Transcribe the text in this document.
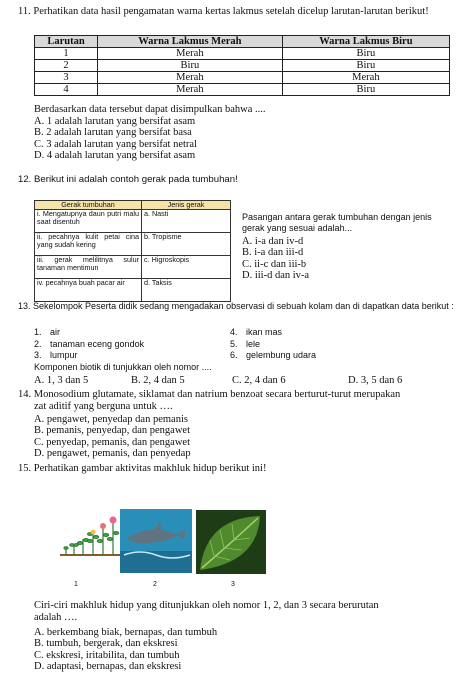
11. Perhatikan data hasil pengamatan warna kertas lakmus setelah dicelup larutan-larutan berikut!
Larutan	Warna Lakmus Merah	Warna Lakmus Biru
1	Merah	Biru
2	Biru	Biru
3	Merah	Merah
4	Merah	Biru
Berdasarkan data tersebut dapat disimpulkan bahwa ....
A. 1 adalah larutan yang bersifat asam
B. 2 adalah larutan yang bersifat basa
C. 3 adalah larutan yang bersifat netral
D. 4 adalah larutan yang bersifat asam
12. Berikut ini adalah contoh gerak pada tumbuhan!
Gerak tumbuhan	Jenis gerak
i. Mengatupnya daun putri malu saat disentuh	a. Nasti
ii. pecahnya kulit petai cina yang sudah kering	b. Tropisme
iii. gerak melilitnya sulur tanaman mentimun	c. Higroskopis
iv. pecahnya buah pacar air	d. Taksis
Pasangan antara gerak tumbuhan dengan jenis
gerak yang sesuai adalah...
A. i-a dan iv-d
B. i-a dan iii-d
C. ii-c dan iii-b
D. iii-d dan iv-a
13. Sekelompok Peserta didik sedang mengadakan observasi di sebuah kolam dan di dapatkan data berikut :
1. air	4. ikan mas
2. tanaman eceng gondok	5. lele
3. lumpur	6. gelembung udara
Komponen biotik di tunjukkan oleh nomor ....
A. 1, 3 dan 5	B. 2, 4 dan 5	C. 2, 4 dan 6	D. 3, 5 dan 6
14. Monosodium glutamate, siklamat dan natrium benzoat secara berturut-turut merupakan
zat aditif yang berguna untuk ….
A. pengawet, penyedap dan pemanis
B. pemanis, penyedap, dan pengawet
C. penyedap, pemanis, dan pengawet
D. pengawet, pemanis, dan penyedap
15. Perhatikan gambar aktivitas makhluk hidup berikut ini!
1	2	3
Ciri-ciri makhluk hidup yang ditunjukkan oleh nomor 1, 2, dan 3 secara berurutan
adalah ….
A. berkembang biak, bernapas, dan tumbuh
B. tumbuh, bergerak, dan ekskresi
C. ekskresi, iritabilita, dan tumbuh
D. adaptasi, bernapas, dan ekskresi
